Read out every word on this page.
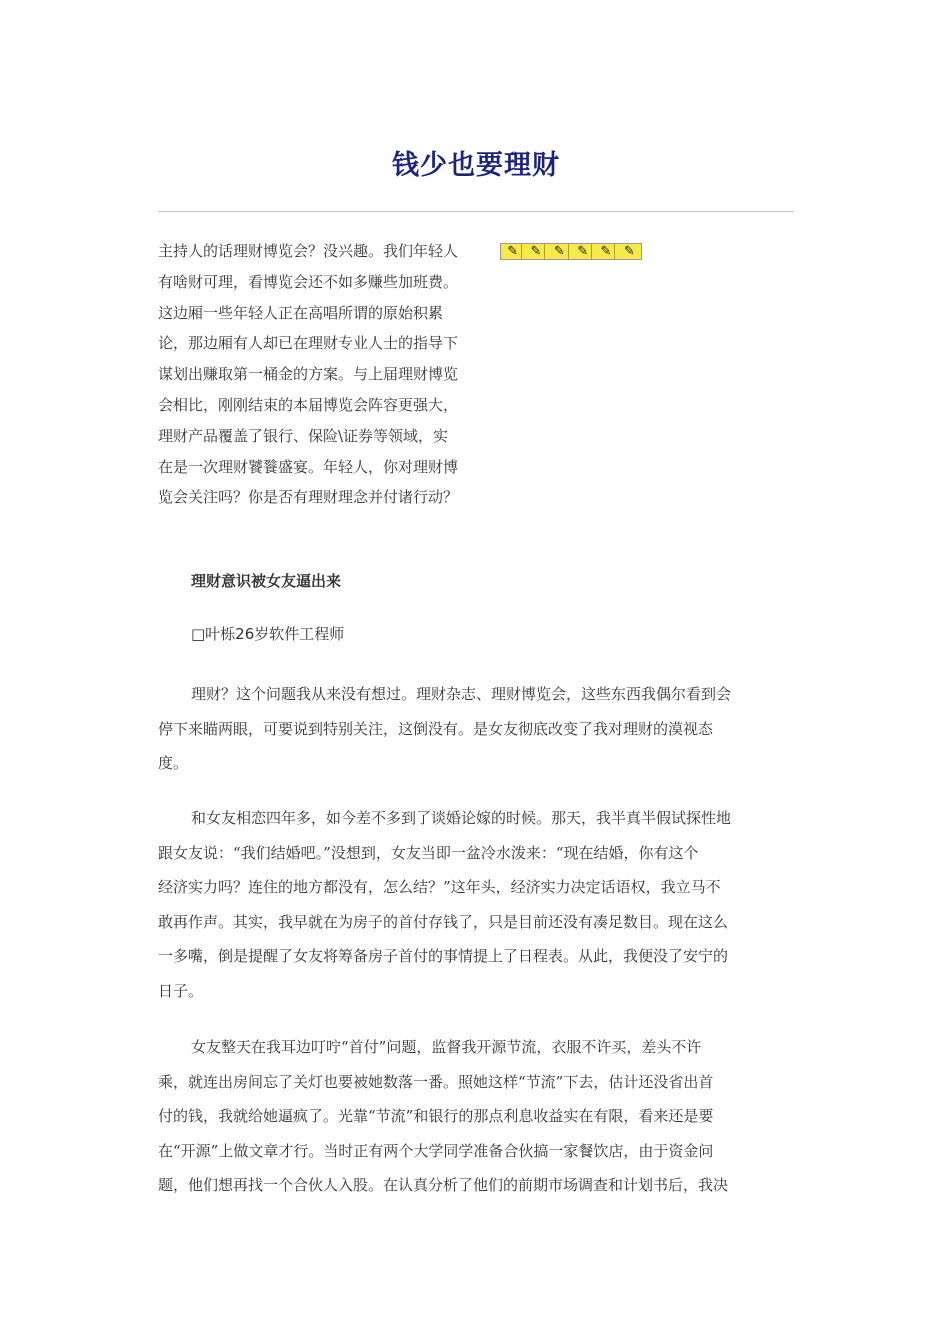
钱少也要理财
主持人的话理财博览会？没兴趣。我们年轻人
有啥财可理，看博览会还不如多赚些加班费。
这边厢一些年轻人正在高唱所谓的原始积累
论，那边厢有人却已在理财专业人士的指导下
谋划出赚取第一桶金的方案。与上届理财博览
会相比，刚刚结束的本届博览会阵容更强大，
理财产品覆盖了银行、保险\证券等领域，实
在是一次理财饕餮盛宴。年轻人，你对理财博
览会关注吗？你是否有理财理念并付诸行动？
✎ ✎ ✎ ✎ ✎ ✎
理财意识被女友逼出来

□叶栎26岁软件工程师

理财？这个问题我从来没有想过。理财杂志、理财博览会，这些东西我偶尔看到会
停下来瞄两眼，可要说到特别关注，这倒没有。是女友彻底改变了我对理财的漠视态
度。
和女友相恋四年多，如今差不多到了谈婚论嫁的时候。那天，我半真半假试探性地
跟女友说：“我们结婚吧。”没想到，女友当即一盆冷水泼来：“现在结婚，你有这个
经济实力吗？连住的地方都没有，怎么结？”这年头，经济实力决定话语权，我立马不
敢再作声。其实，我早就在为房子的首付存钱了，只是目前还没有凑足数目。现在这么
一多嘴，倒是提醒了女友将筹备房子首付的事情提上了日程表。从此，我便没了安宁的
日子。
女友整天在我耳边叮咛“首付”问题，监督我开源节流，衣服不许买，差头不许
乘，就连出房间忘了关灯也要被她数落一番。照她这样“节流”下去，估计还没省出首
付的钱，我就给她逼疯了。光靠“节流”和银行的那点利息收益实在有限，看来还是要
在“开源”上做文章才行。当时正有两个大学同学准备合伙搞一家餐饮店，由于资金问
题，他们想再找一个合伙人入股。在认真分析了他们的前期市场调查和计划书后，我决
